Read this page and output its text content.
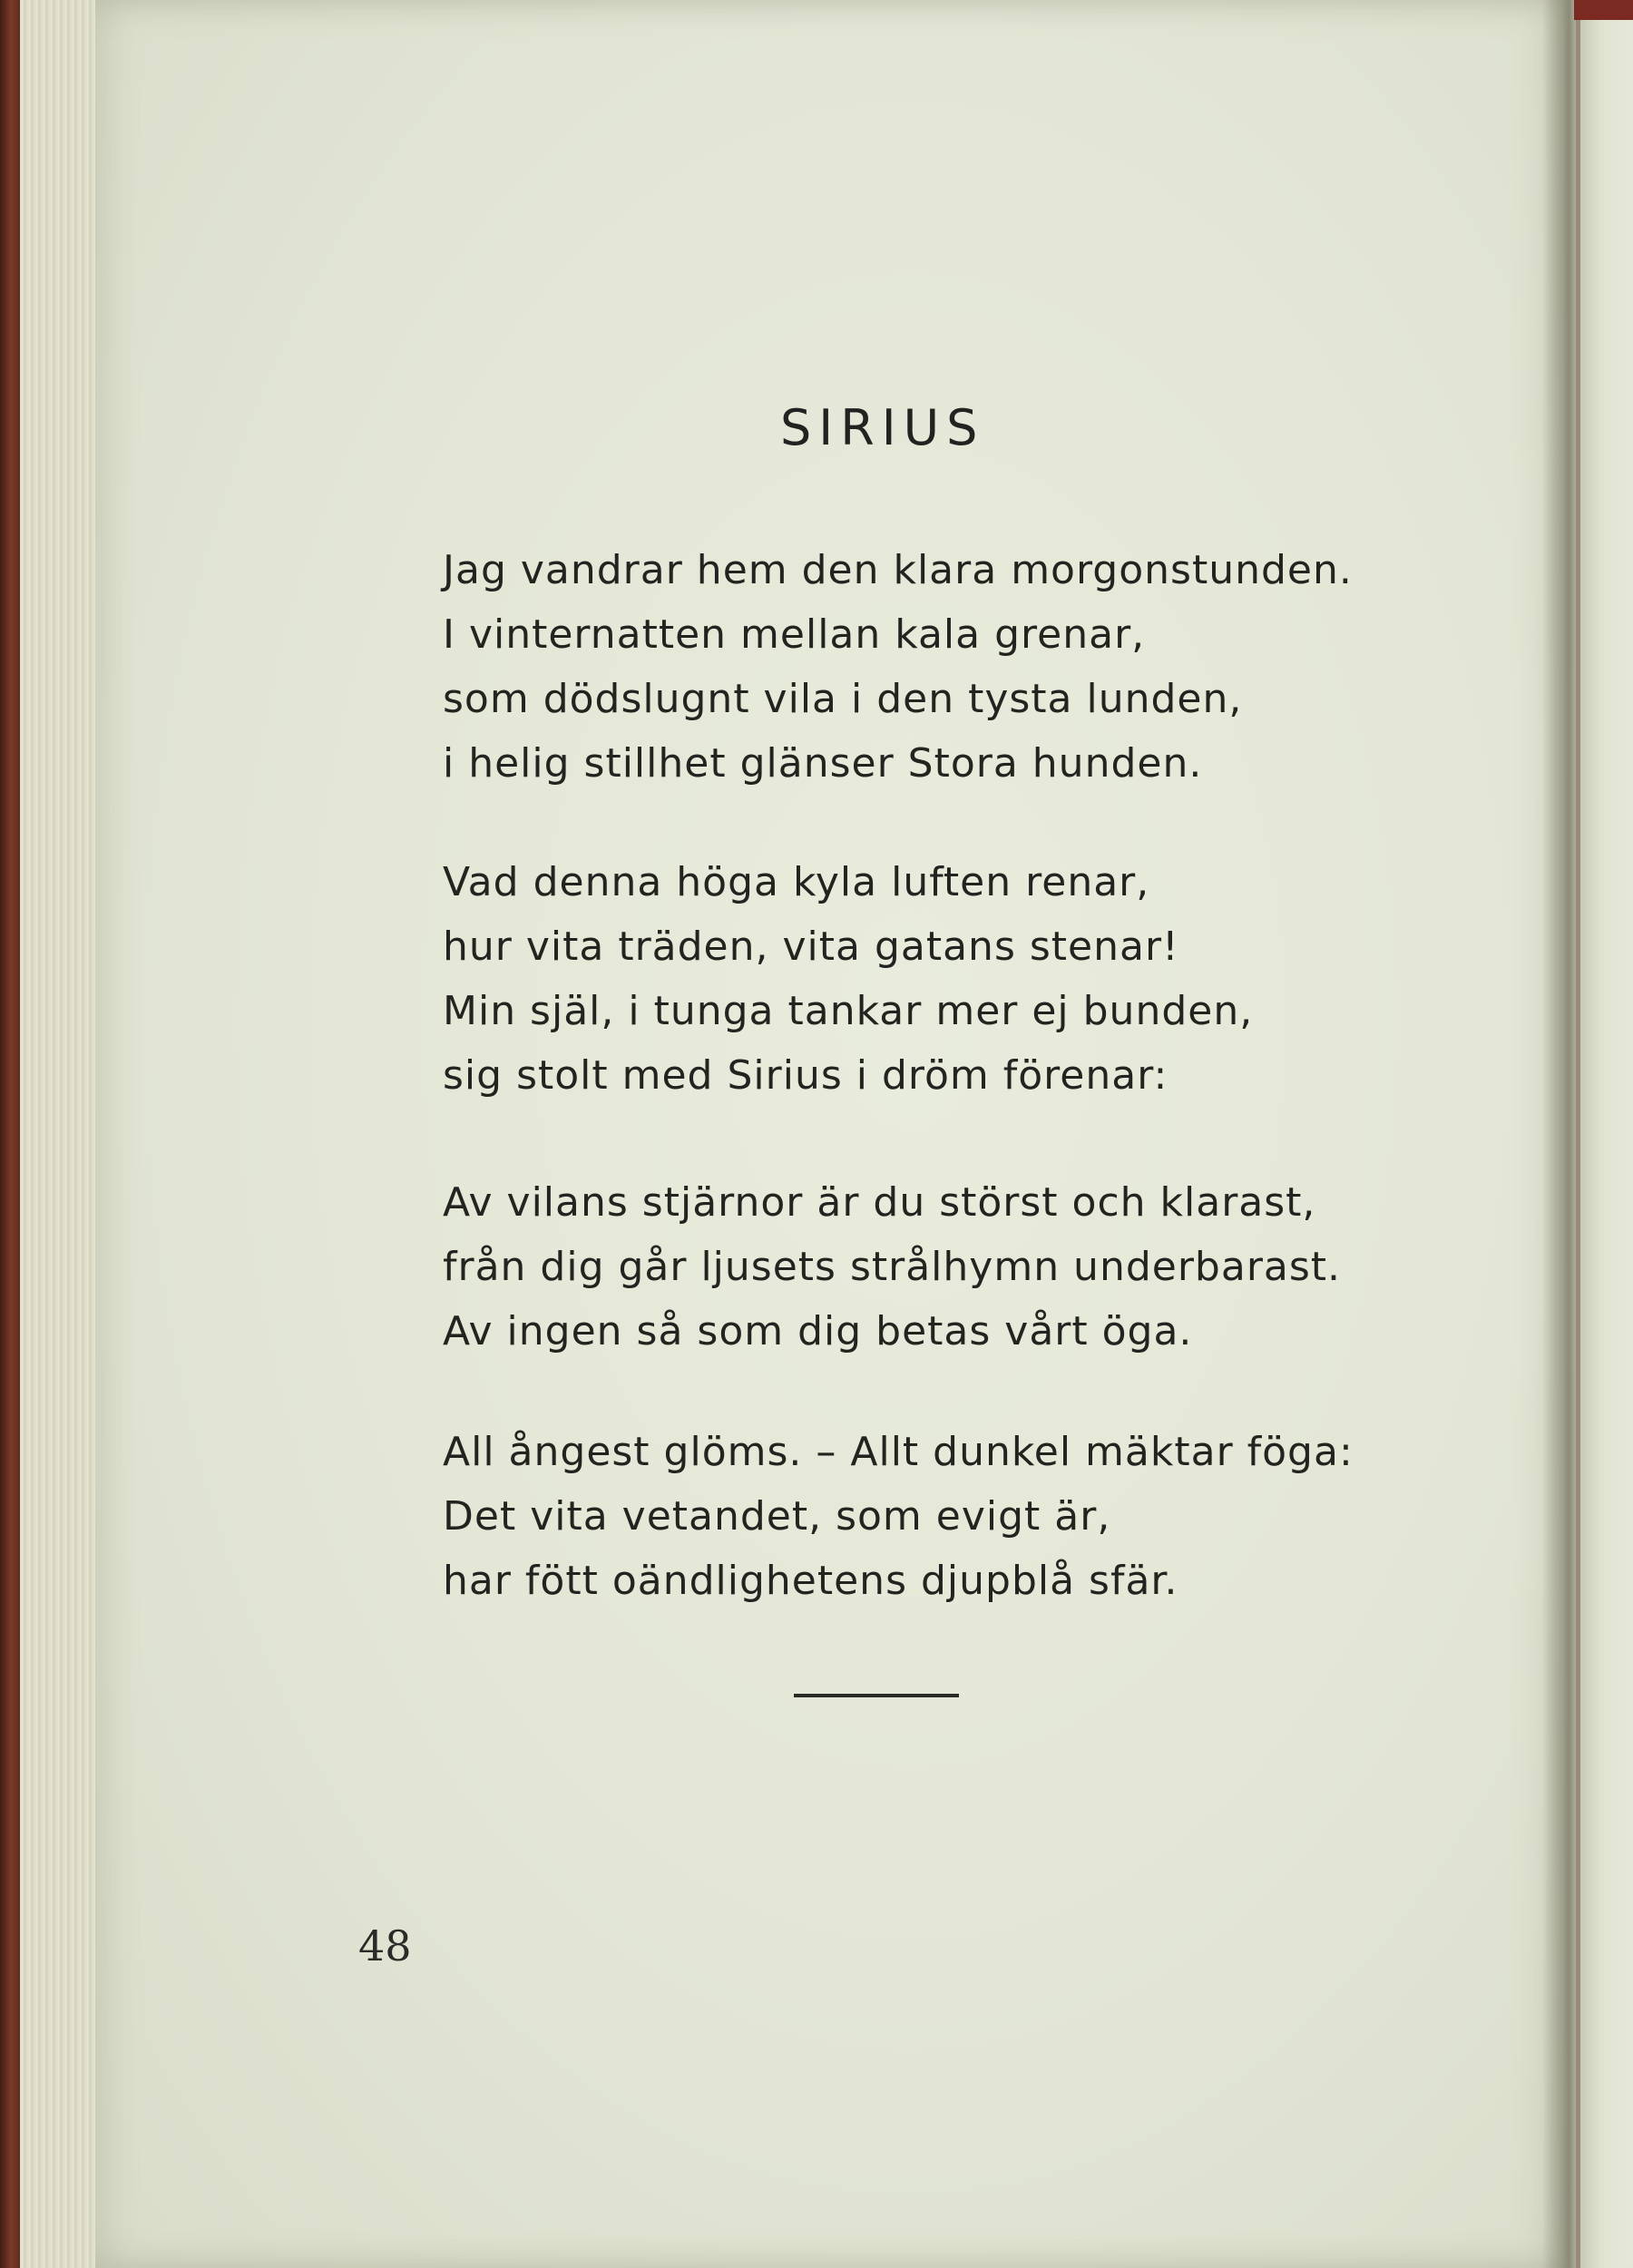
SIRIUS
Jag vandrar hem den klara morgonstunden.
I vinternatten mellan kala grenar,
som dödslugnt vila i den tysta lunden,
i helig stillhet glänser Stora hunden.
Vad denna höga kyla luften renar,
hur vita träden, vita gatans stenar!
Min själ, i tunga tankar mer ej bunden,
sig stolt med Sirius i dröm förenar:
Av vilans stjärnor är du störst och klarast,
från dig går ljusets strålhymn underbarast.
Av ingen så som dig betas vårt öga.
All ångest glöms. – Allt dunkel mäktar föga:
Det vita vetandet, som evigt är,
har fött oändlighetens djupblå sfär.
48
